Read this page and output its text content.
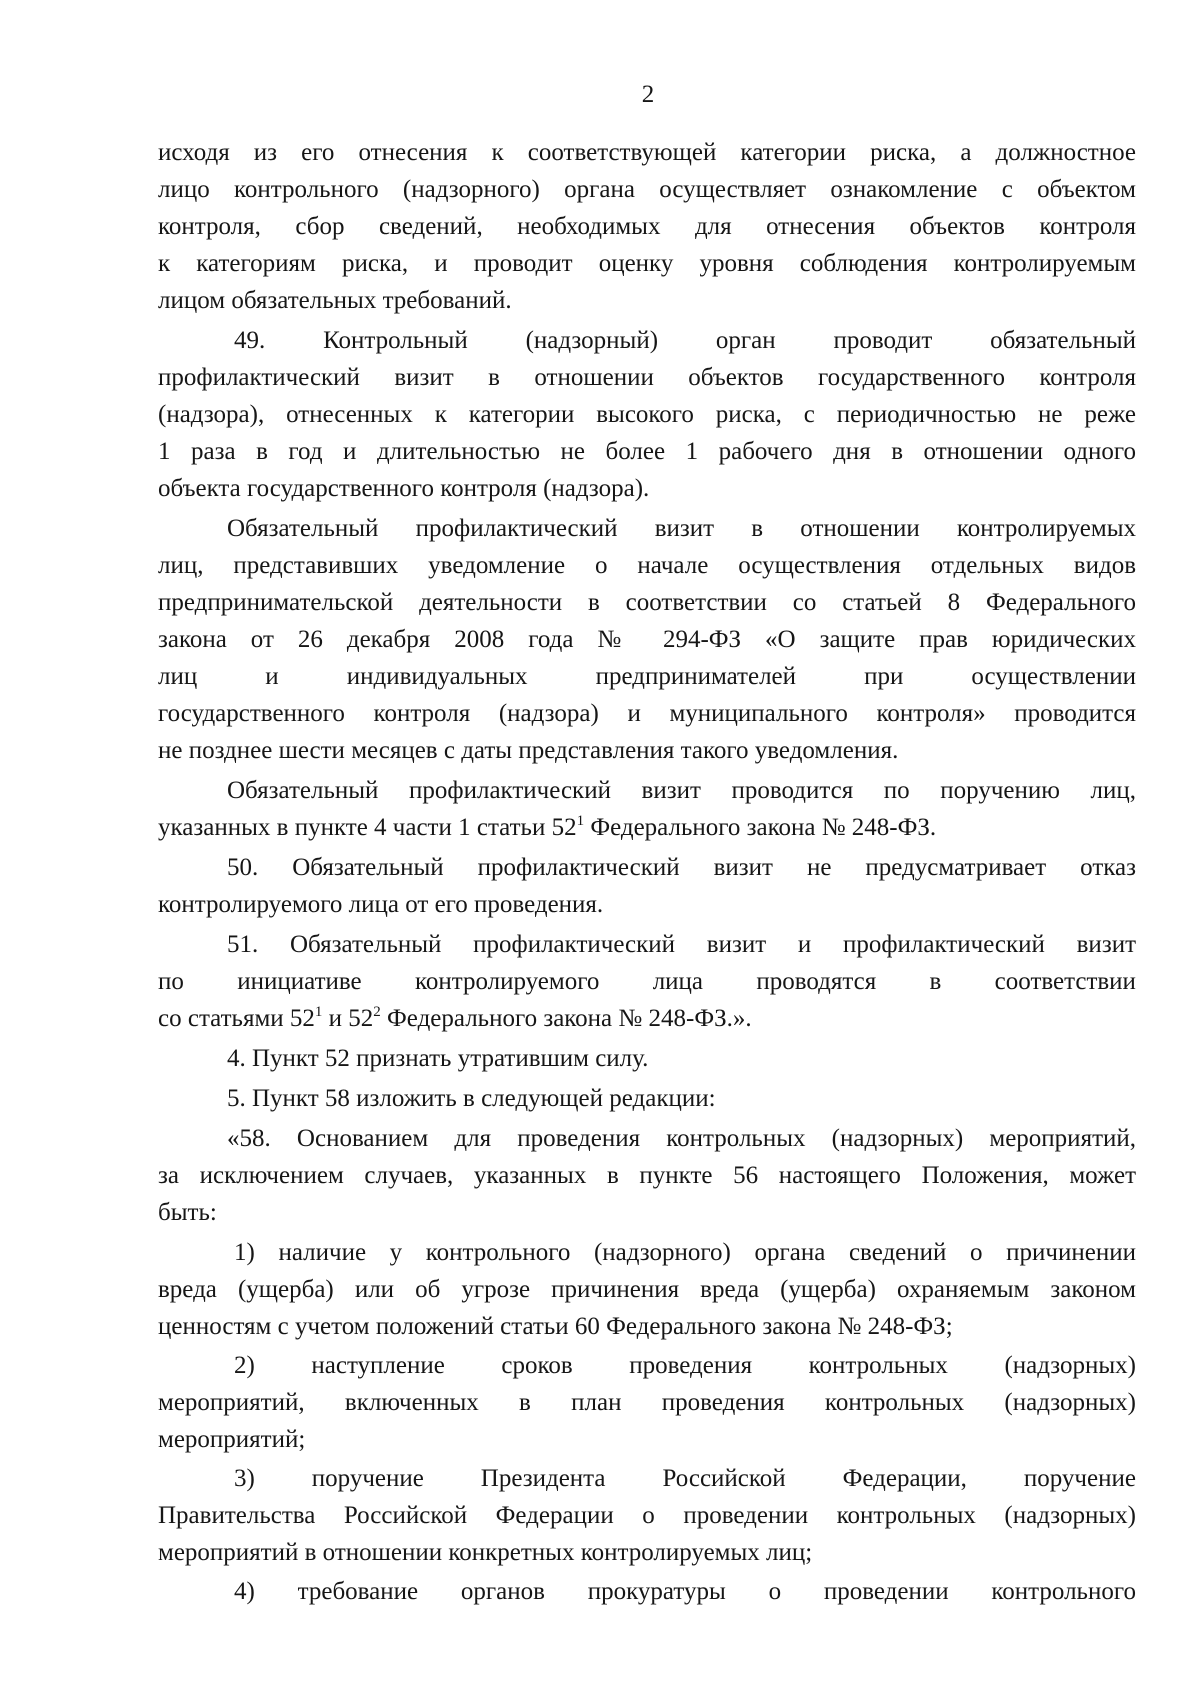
2
исходя из его отнесения к соответствующей категории риска, а должностное
лицо контрольного (надзорного) органа осуществляет ознакомление с объектом
контроля, сбор сведений, необходимых для отнесения объектов контроля
к категориям риска, и проводит оценку уровня соблюдения контролируемым
лицом обязательных требований.
49. Контрольный (надзорный) орган проводит обязательный
профилактический визит в отношении объектов государственного контроля
(надзора), отнесенных к категории высокого риска, с периодичностью не реже
1 раза в год и длительностью не более 1 рабочего дня в отношении одного
объекта государственного контроля (надзора).
Обязательный профилактический визит в отношении контролируемых
лиц, представивших уведомление о начале осуществления отдельных видов
предпринимательской деятельности в соответствии со статьей 8 Федерального
закона от 26 декабря 2008 года № 294-ФЗ «О защите прав юридических
лиц	и	индивидуальных	предпринимателей	при	осуществлении
государственного контроля (надзора) и муниципального контроля» проводится
не позднее шести месяцев с даты представления такого уведомления.
Обязательный профилактический визит проводится по поручению лиц,
указанных в пункте 4 части 1 статьи $52^1$ Федерального закона № 248-ФЗ.
50. Обязательный профилактический визит не предусматривает отказ
контролируемого лица от его проведения.
51. Обязательный профилактический визит и профилактический визит
по инициативе контролируемого лица проводятся в соответствии
со статьями $52^1$ и $52^2$ Федерального закона № 248-ФЗ.».
4. Пункт 52 признать утратившим силу.
5. Пункт 58 изложить в следующей редакции:
«58. Основанием для проведения контрольных (надзорных) мероприятий,
за исключением случаев, указанных в пункте 56 настоящего Положения, может
быть:
1) наличие у контрольного (надзорного) органа сведений о причинении
вреда (ущерба) или об угрозе причинения вреда (ущерба) охраняемым законом
ценностям с учетом положений статьи 60 Федерального закона № 248-ФЗ;
2) наступление сроков проведения контрольных (надзорных)
мероприятий, включенных в план проведения контрольных (надзорных)
мероприятий;
3) поручение Президента Российской Федерации, поручение
Правительства Российской Федерации о проведении контрольных (надзорных)
мероприятий в отношении конкретных контролируемых лиц;
4) требование органов прокуратуры о проведении контрольного
